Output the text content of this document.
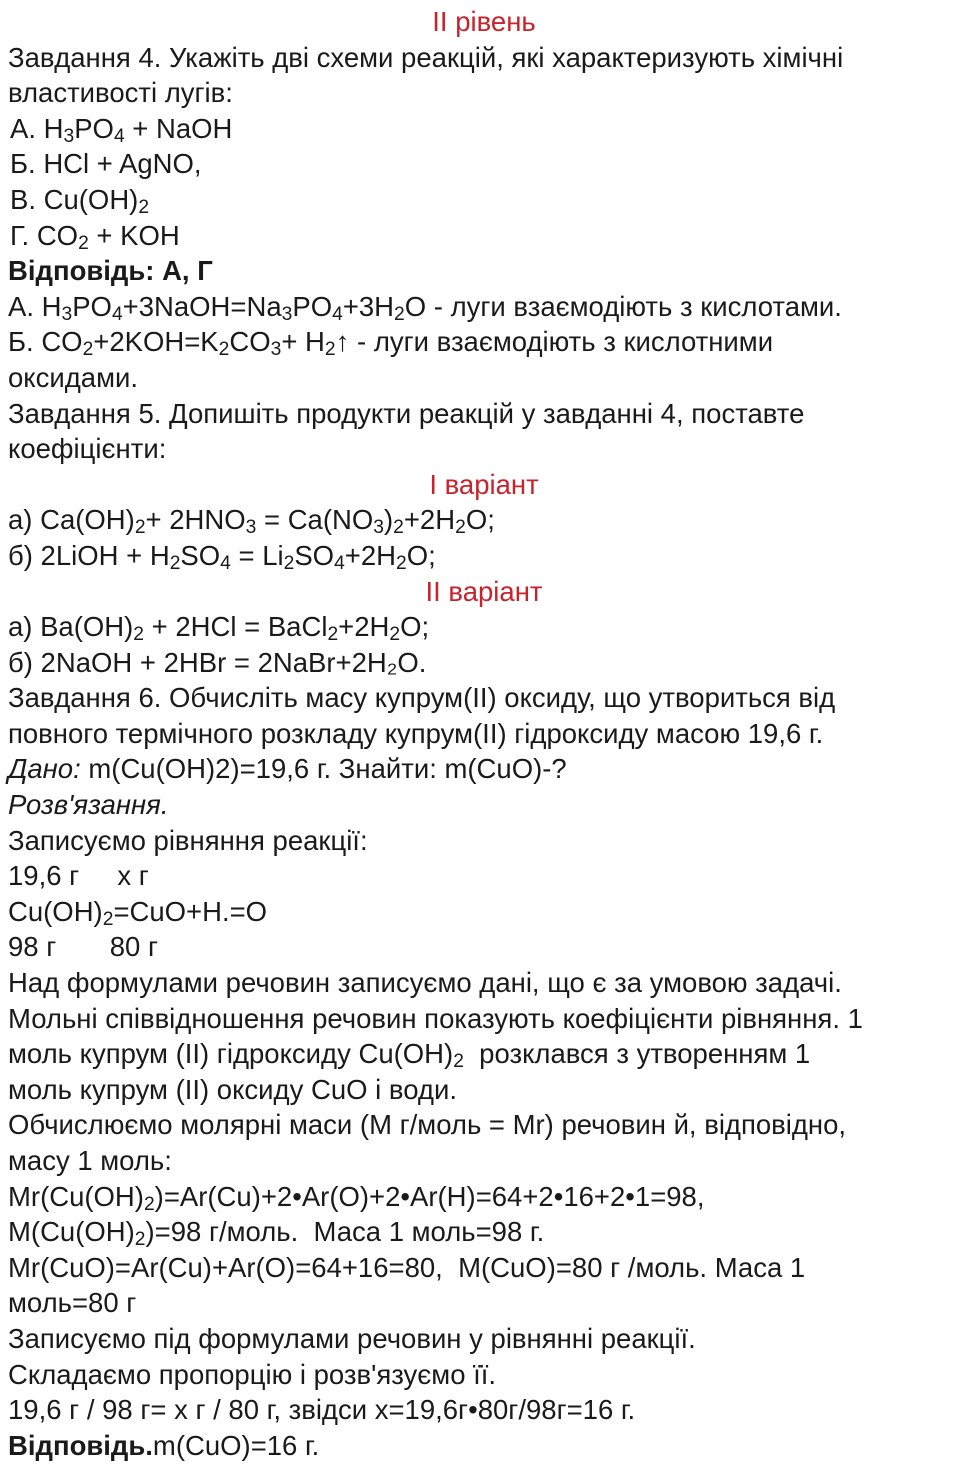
ІІ рівень
Завдання 4. Укажіть дві схеми реакцій, які характеризують хімічні
властивості лугів:
А. $H_3PO_4$ + NaOH
Б. HCl + AgNO,
В. $Cu(OH)_2$
Г. $CO_2$ + KOH
Відповідь: А, Г
А. $H_3PO_4+3NaOH=Na_3PO_4+3H_2O$ - луги взаємодіють з кислотами.
Б. $CO_2+2KOH=K_2CO_3+$ $H_2↑$ - луги взаємодіють з кислотними
оксидами.
Завдання 5. Допишіть продукти реакцій у завданні 4, поставте
коефіцієнти:
І варіант
а) $Ca(OH)_2+ 2HNO_3 = Ca(NO_3)_2+2H_2O$;
б) 2LiOH + $H_2SO_4 = Li_2SO_4+2H_2O$;
ІІ варіант
а) $Ba(OH)_2 + 2HCl$ = $BaCl_2+2H_2O$;
б) 2NaOH + 2HBr = 2NaBr+2H₂O.
Завдання 6. Обчисліть масу купрум(II) оксиду, що утвориться від
повного термічного розкладу купрум(II) гідроксиду масою 19,6 г.
Дано: m(Cu(OH)2)=19,6 г. Знайти: m(CuO)-?
Розв'язання.
Записуємо рівняння реакції:
19,6 г     х г
$Cu(OH)_2=CuO+H.=O$
98 г       80 г
Над формулами речовин записуємо дані, що є за умовою задачі.
Мольні співвідношення речовин показують коефіцієнти рівняння. 1
моль купрум (II) гідроксиду $Cu(OH)_2$  розклався з утворенням 1
моль купрум (II) оксиду CuO і води.
Обчислюємо молярні маси (M г/моль = Mr) речовин й, відповідно,
масу 1 моль:
$Mr(Cu(OH)_2)=Ar(Cu)+2•Ar(O)+2•Ar(H)=64+2•16+2•1=98$,
$M(Cu(OH)_2)=98$ г/моль.  Маса 1 моль=98 г.
Mr(CuO)=Ar(Cu)+Ar(O)=64+16=80,  M(CuO)=80 г /моль. Маса 1
моль=80 г
Записуємо під формулами речовин у рівнянні реакції.
Складаємо пропорцію і розв'язуємо її.
19,6 г / 98 г= х г / 80 г, звідси х=19,6г•80г/98г=16 г.
Відповідь.m(CuO)=16 г.
